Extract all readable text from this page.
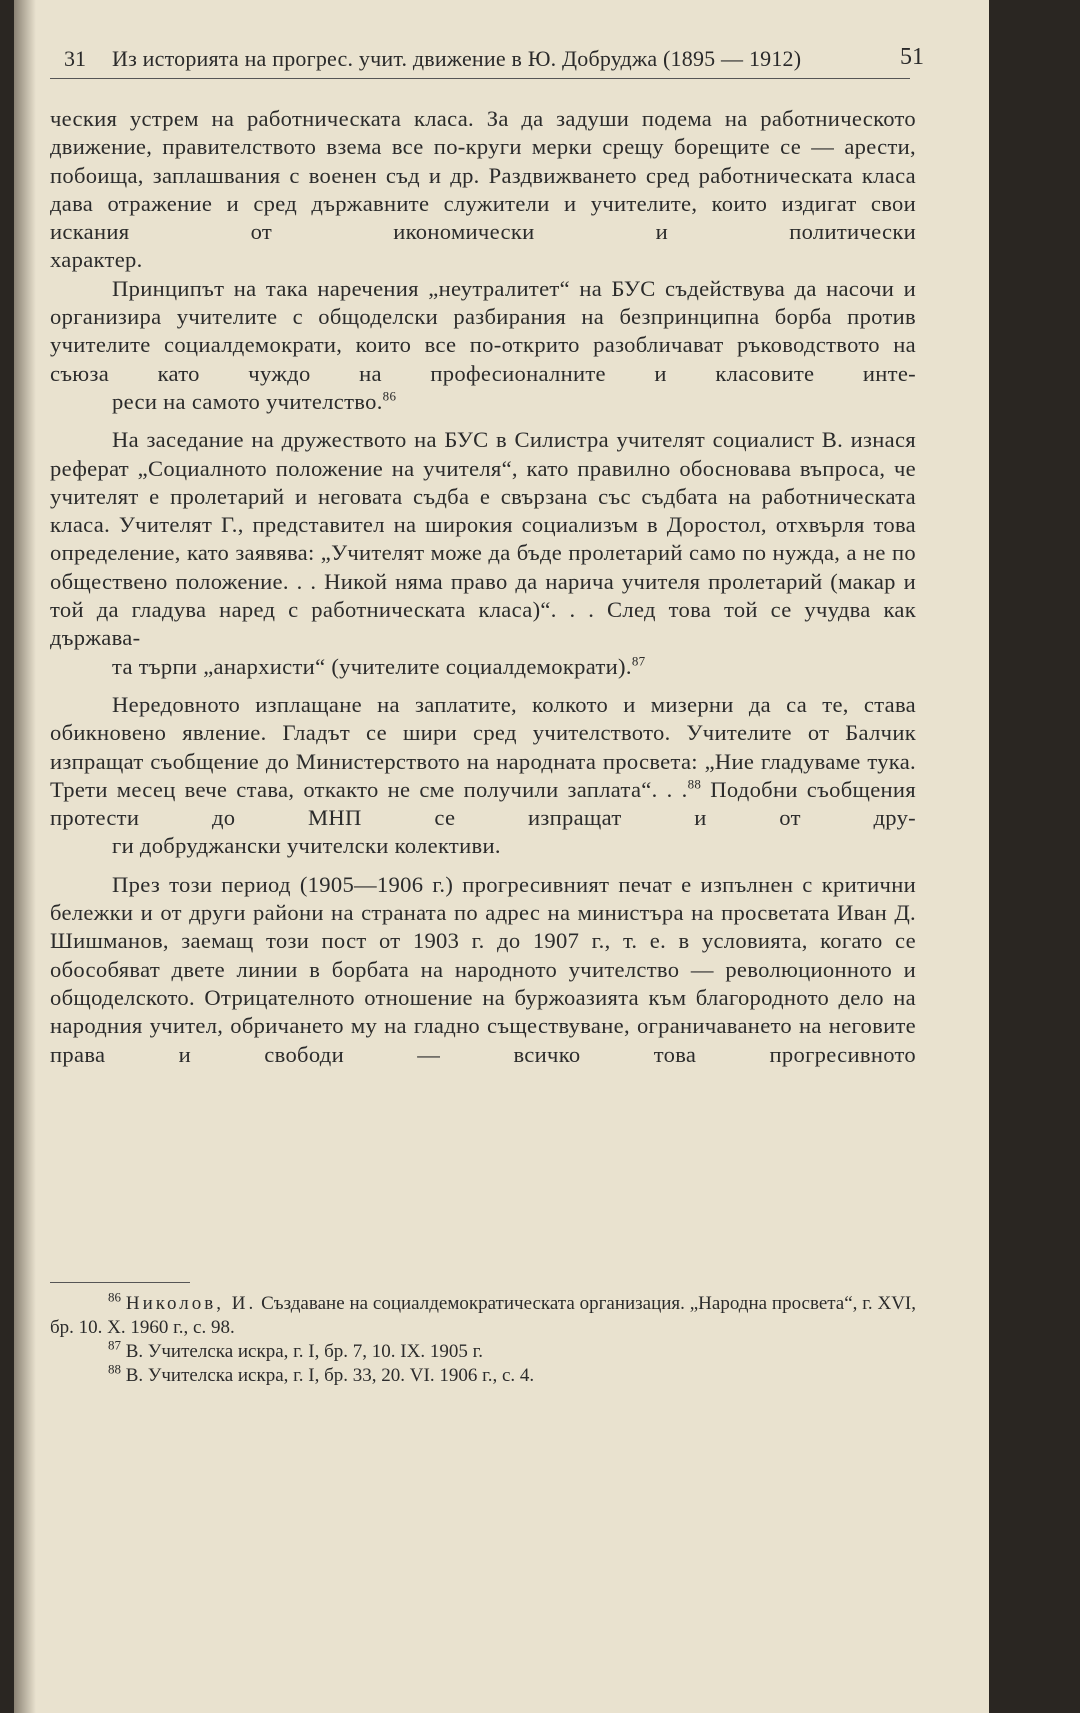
31 Из историята на прогрес. учит. движение в Ю. Добруджа (1895 — 1912)	51

ческия устрем на работническата класа. За да задуши подема на работническото движение, правителството взема все по-круги мерки срещу борещите се — арести, побоища, заплашвания с военен съд и др. Раздвижването сред работническата класа дава отражение и сред държавните служители и учителите, които издигат свои искания от икономически и политически
характер.

Принципът на така наречения „неутралитет“ на БУС съдействува да насочи и организира учителите с общоделски разбирания на безпринципна борба против учителите социалдемократи, които все по-открито разобличават ръководството на съюза като чуждо на професионалните и класовите инте-
реси на самото учителство.$^{86}$

На заседание на дружеството на БУС в Силистра учителят социалист В. изнася реферат „Социалното положение на учителя“, като правилно обосновава въпроса, че учителят е пролетарий и неговата съдба е свързана със съдбата на работническата класа. Учителят Г., представител на широкия социализъм в Доростол, отхвърля това определение, като заявява: „Учителят може да бъде пролетарий само по нужда, а не по обществено положение. . . Никой няма право да нарича учителя пролетарий (макар и той да гладува наред с работническата класа)“. . . След това той се учудва как държава-
та търпи „анархисти“ (учителите социалдемократи).$^{87}$

Нередовното изплащане на заплатите, колкото и мизерни да са те, става обикновено явление. Гладът се шири сред учителството. Учителите от Балчик изпращат съобщение до Министерството на народната просвета: „Ние гладуваме тука. Трети месец вече става, откакто не сме получили заплата“. . .$^{88}$ Подобни съобщения протести до МНП се изпращат и от дру-
ги добруджански учителски колективи.

През този период (1905—1906 г.) прогресивният печат е изпълнен с критични бележки и от други райони на страната по адрес на министъра на просветата Иван Д. Шишманов, заемащ този пост от 1903 г. до 1907 г., т. е. в условията, когато се обособяват двете линии в борбата на народното учителство — революционното и общоделското. Отрицателното отношение на буржоазията към благородното дело на народния учител, обричането му на гладно съществуване, ограничаването на неговите права и свободи — всичко това прогресивното

$^{86}$ Николов, И. Създаване на социалдемократическата организация. „Народна просвета“, г. XVI, бр. 10. X. 1960 г., с. 98.

$^{87}$ В. Учителска искра, г. I, бр. 7, 10. IX. 1905 г.

$^{88}$ В. Учителска искра, г. I, бр. 33, 20. VI. 1906 г., с. 4.
